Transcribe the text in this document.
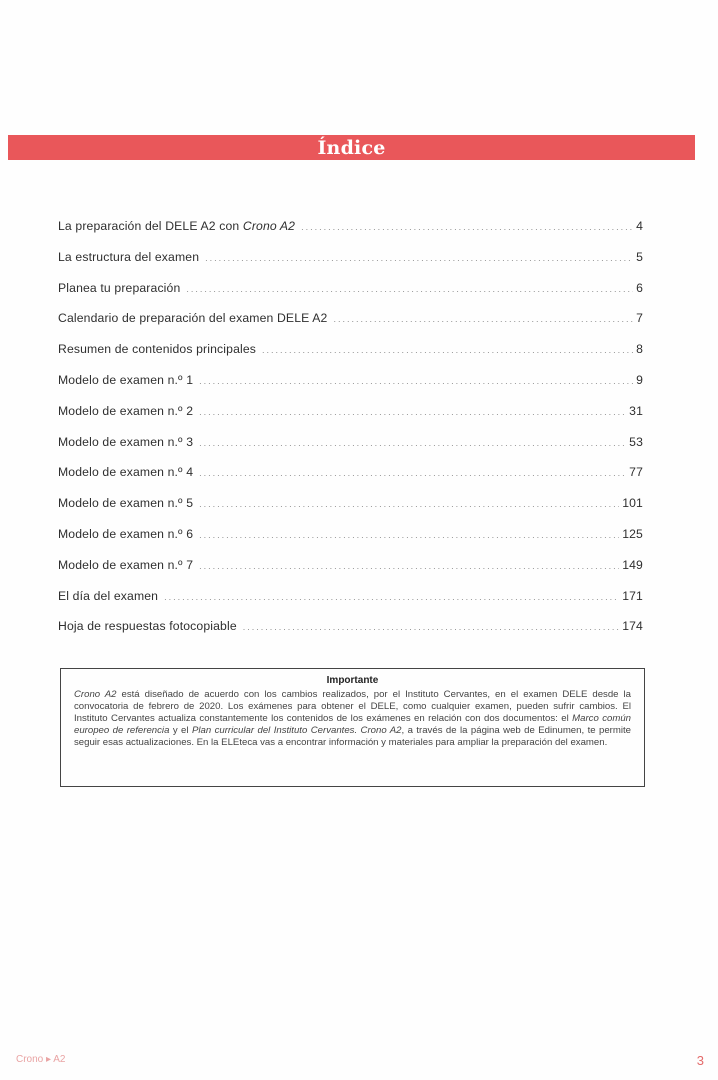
Índice
La preparación del DELE A2 con Crono A2 .....	4
La estructura del examen .....	5
Planea tu preparación .....	6
Calendario de preparación del examen DELE A2 .....	7
Resumen de contenidos principales .....	8
Modelo de examen n.º 1 .....	9
Modelo de examen n.º 2 .....	31
Modelo de examen n.º 3 .....	53
Modelo de examen n.º 4 .....	77
Modelo de examen n.º 5 .....	101
Modelo de examen n.º 6 .....	125
Modelo de examen n.º 7 .....	149
El día del examen .....	171
Hoja de respuestas fotocopiable .....	174
Importante

Crono A2 está diseñado de acuerdo con los cambios realizados, por el Instituto Cervantes, en el examen DELE desde la convocatoria de febrero de 2020. Los exámenes para obtener el DELE, como cualquier examen, pueden sufrir cambios. El Instituto Cervantes actualiza constantemente los contenidos de los exámenes en relación con dos documentos: el Marco común europeo de referencia y el Plan curricular del Instituto Cervantes. Crono A2, a través de la página web de Edinumen, te permite seguir esas actualizaciones. En la ELEteca vas a encontrar información y materiales para ampliar la preparación del examen.

Crono ▸ A2	3
